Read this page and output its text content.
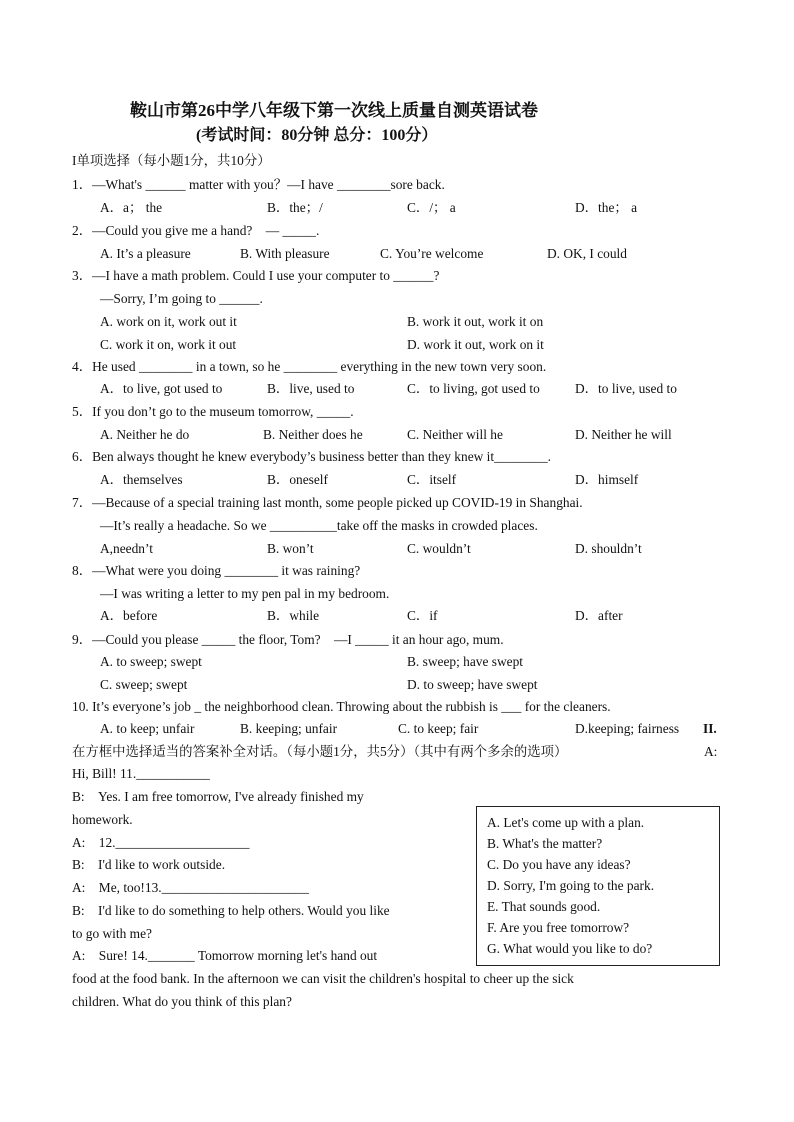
鞍山市第26中学八年级下第一次线上质量自测英语试卷
(考试时间：80分钟 总分：100分）
I单项选择（每小题1分，共10分）
1．—What's ______ matter with you？—I have ________sore back.
A．a； the	B．the；/	C．/； a	D．the； a
2．—Could you give me a hand?　— _____.
A. It’s a pleasure	B. With pleasure	C. You’re welcome	D. OK, I could
3．—I have a math problem. Could I use your computer to ______?
—Sorry, I’m going to ______.
A. work on it, work out it	B. work it out, work it on
C. work it on, work it out	D. work it out, work on it
4．He used ________ in a town, so he ________ everything in the new town very soon.
A．to live, got used to	B．live, used to	C．to living, got used to	D．to live, used to
5．If you don’t go to the museum tomorrow, _____.
A. Neither he do	B. Neither does he	C. Neither will he	D. Neither he will
6．Ben always thought he knew everybody’s business better than they knew it________.
A．themselves	B．oneself	C．itself	D．himself
7．—Because of a special training last month, some people picked up COVID-19 in Shanghai.
—It’s really a headache. So we __________take off the masks in crowded places.
A,needn’t	B. won’t	C. wouldn’t	D. shouldn’t
8．—What were you doing ________ it was raining?
—I was writing a letter to my pen pal in my bedroom.
A．before	B．while	C．if	D．after
9．—Could you please _____ the floor, Tom?　—I _____ it an hour ago, mum.
A. to sweep; swept	B. sweep; have swept
C. sweep; swept	D. to sweep; have swept
10. It’s everyone’s job _ the neighborhood clean. Throwing about the rubbish is ___ for the cleaners.
A. to keep; unfair	B. keeping; unfair	C. to keep; fair	D.keeping; fairness II.
在方框中选择适当的答案补全对话。（每小题1分，共5分）（其中有两个多余的选项）	A:
Hi, Bill! 11.___________
B:　Yes. I am free tomorrow, I've already finished my
homework.
A:　12.____________________
B:　I'd like to work outside.
A:　Me, too!13.______________________
B:　I'd like to do something to help others. Would you like
to go with me?
A:　Sure! 14._______ Tomorrow morning let's hand out
food at the food bank. In the afternoon we can visit the children's hospital to cheer up the sick
children. What do you think of this plan?
A. Let's come up with a plan.
B. What's the matter?
C. Do you have any ideas?
D. Sorry, I'm going to the park.
E. That sounds good.
F. Are you free tomorrow?
G. What would you like to do?
